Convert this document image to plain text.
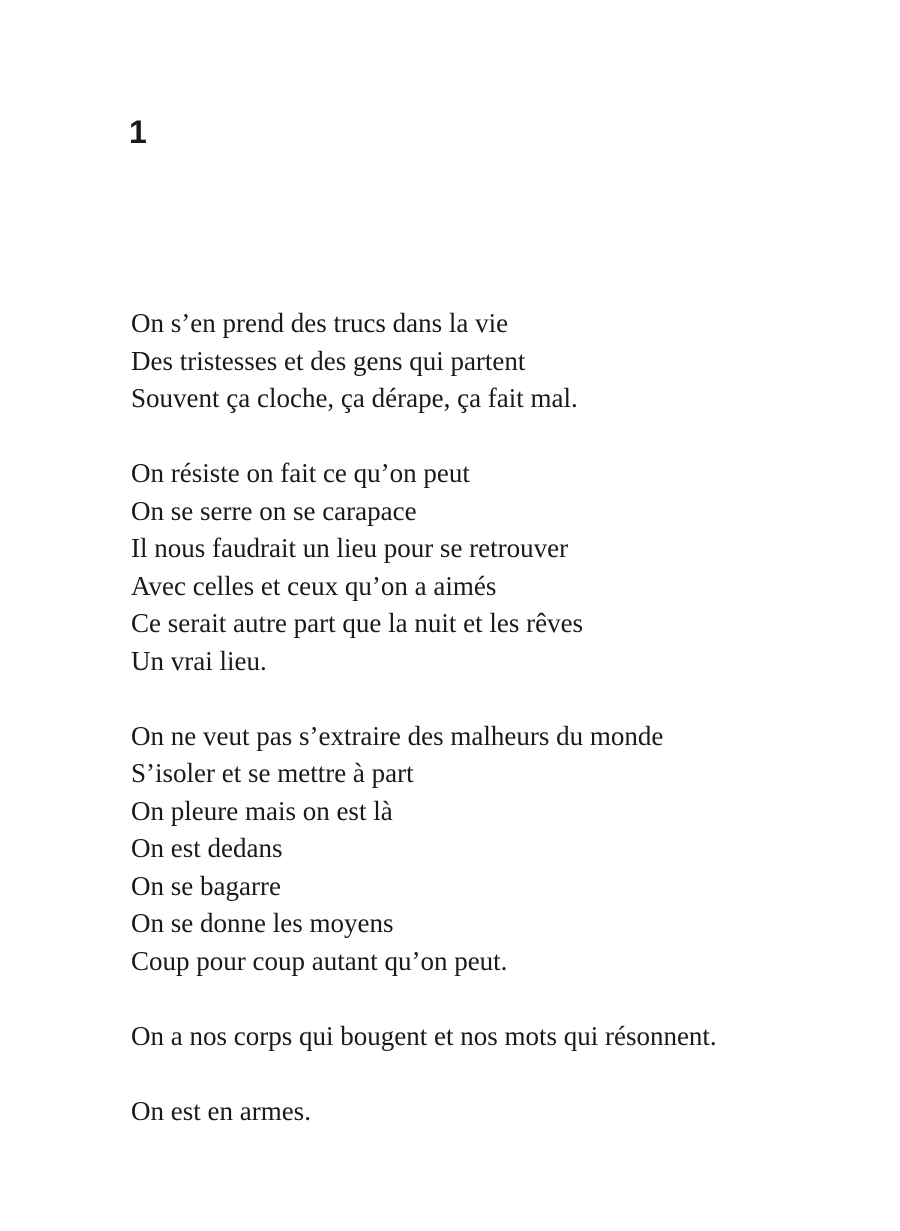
1
On s’en prend des trucs dans la vie
Des tristesses et des gens qui partent
Souvent ça cloche, ça dérape, ça fait mal.
On résiste on fait ce qu’on peut
On se serre on se carapace
Il nous faudrait un lieu pour se retrouver
Avec celles et ceux qu’on a aimés
Ce serait autre part que la nuit et les rêves
Un vrai lieu.
On ne veut pas s’extraire des malheurs du monde
S’isoler et se mettre à part
On pleure mais on est là
On est dedans
On se bagarre
On se donne les moyens
Coup pour coup autant qu’on peut.
On a nos corps qui bougent et nos mots qui résonnent.
On est en armes.
